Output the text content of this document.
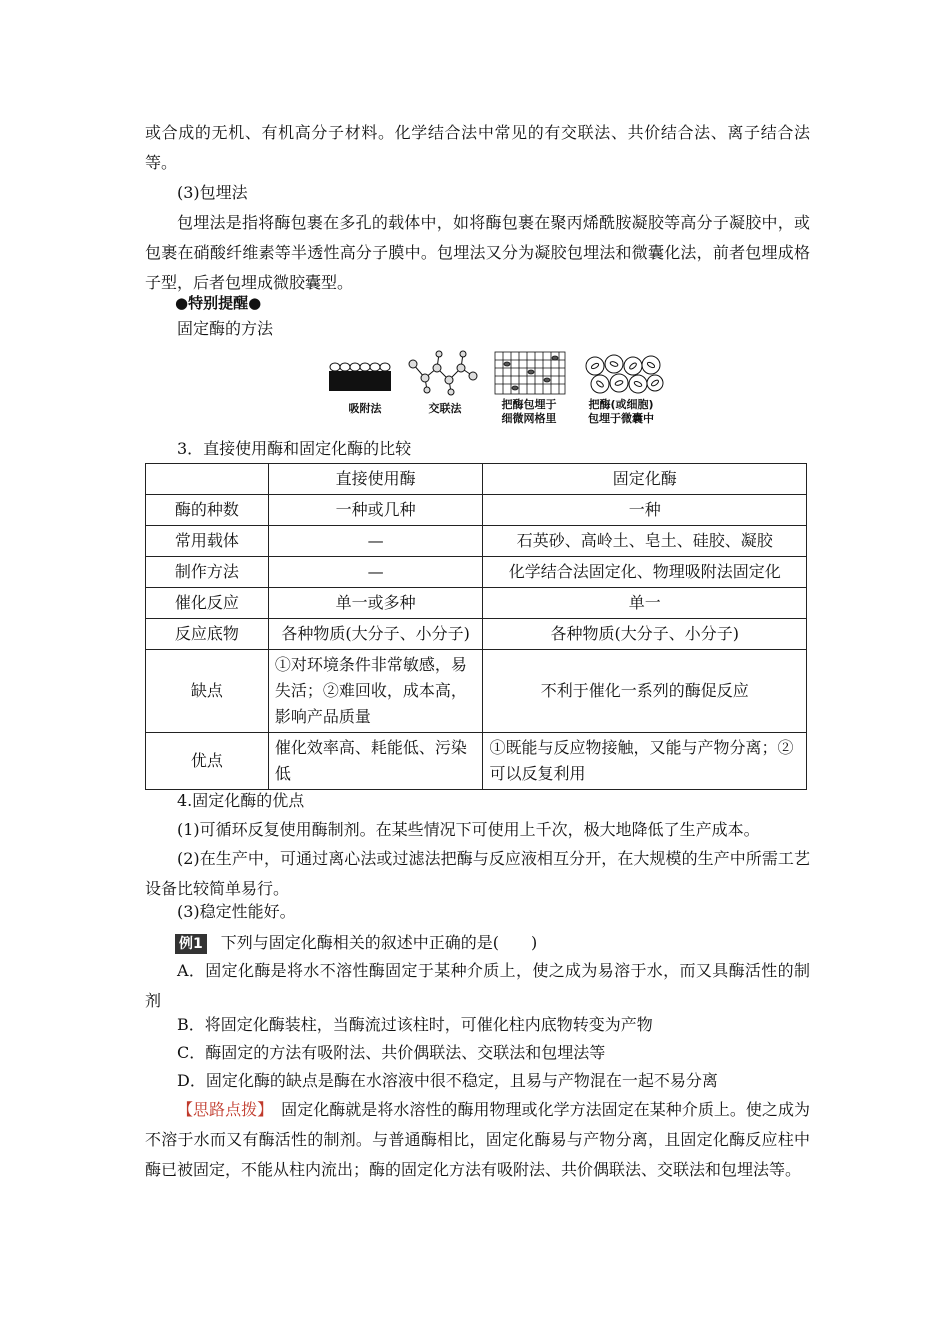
或合成的无机、有机高分子材料。化学结合法中常见的有交联法、共价结合法、离子结合法等。

(3)包埋法

包埋法是指将酶包裹在多孔的载体中，如将酶包裹在聚丙烯酰胺凝胶等高分子凝胶中，或包裹在硝酸纤维素等半透性高分子膜中。包埋法又分为凝胶包埋法和微囊化法，前者包埋成格子型，后者包埋成微胶囊型。

●特别提醒●

固定酶的方法

吸附法	交联法	把酶包埋于
细微网格里
把酶(或细胞)
包埋于微囊中

3．直接使用酶和固定化酶的比较

	直接使用酶	固定化酶
酶的种数	一种或几种	一种
常用载体	—	石英砂、高岭土、皂土、硅胶、凝胶
制作方法	—	化学结合法固定化、物理吸附法固定化
催化反应	单一或多种	单一
反应底物	各种物质(大分子、小分子)	各种物质(大分子、小分子)
缺点	①对环境条件非常敏感，易失活；②难回收，成本高，影响产品质量	不利于催化一系列的酶促反应
优点	催化效率高、耗能低、污染低	①既能与反应物接触，又能与产物分离；②可以反复利用

4.固定化酶的优点

(1)可循环反复使用酶制剂。在某些情况下可使用上千次，极大地降低了生产成本。

(2)在生产中，可通过离心法或过滤法把酶与反应液相互分开，在大规模的生产中所需工艺设备比较简单易行。

(3)稳定性能好。

例1 下列与固定化酶相关的叙述中正确的是(　　)

A．固定化酶是将水不溶性酶固定于某种介质上，使之成为易溶于水，而又具酶活性的制剂

B．将固定化酶装柱，当酶流过该柱时，可催化柱内底物转变为产物

C．酶固定的方法有吸附法、共价偶联法、交联法和包埋法等

D．固定化酶的缺点是酶在水溶液中很不稳定，且易与产物混在一起不易分离

【思路点拨】　固定化酶就是将水溶性的酶用物理或化学方法固定在某种介质上。使之成为不溶于水而又有酶活性的制剂。与普通酶相比，固定化酶易与产物分离，且固定化酶反应柱中酶已被固定，不能从柱内流出；酶的固定化方法有吸附法、共价偶联法、交联法和包埋法等。
